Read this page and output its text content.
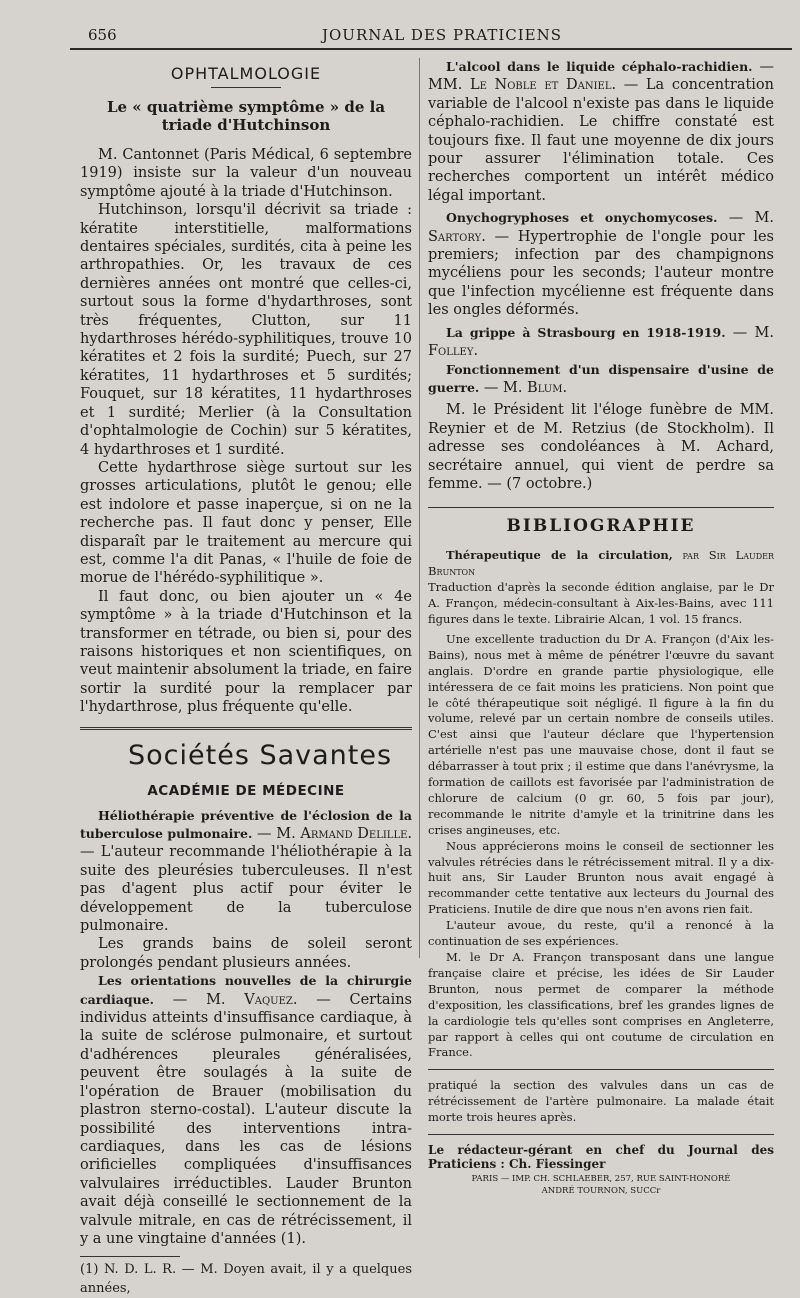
656	JOURNAL DES PRATICIENS
OPHTALMOLOGIE
Le « quatrième symptôme » de la triade d'Hutchinson

M. Cantonnet (Paris Médical, 6 septembre 1919) insiste sur la valeur d'un nouveau symptôme ajouté à la triade d'Hutchinson.

Hutchinson, lorsqu'il décrivit sa triade : kératite interstitielle, malformations dentaires spéciales, surdités, cita à peine les arthropathies. Or, les travaux de ces dernières années ont montré que celles-ci, surtout sous la forme d'hydarthroses, sont très fréquentes, Clutton, sur 11 hydarthroses hérédo-syphilitiques, trouve 10 kératites et 2 fois la surdité; Puech, sur 27 kératites, 11 hydarthroses et 5 surdités; Fouquet, sur 18 kératites, 11 hydarthroses et 1 surdité; Merlier (à la Consultation d'ophtalmologie de Cochin) sur 5 kératites, 4 hydarthroses et 1 surdité.

Cette hydarthrose siège surtout sur les grosses articulations, plutôt le genou; elle est indolore et passe inaperçue, si on ne la recherche pas. Il faut donc y penser, Elle disparaît par le traitement au mercure qui est, comme l'a dit Panas, « l'huile de foie de morue de l'hérédo-syphilitique ».

Il faut donc, ou bien ajouter un « 4e symptôme » à la triade d'Hutchinson et la transformer en tétrade, ou bien si, pour des raisons historiques et non scientifiques, on veut maintenir absolument la triade, en faire sortir la surdité pour la remplacer par l'hydarthrose, plus fréquente qu'elle.

Sociétés Savantes
ACADÉMIE DE MÉDECINE

Héliothérapie préventive de l'éclosion de la tuberculose pulmonaire. — M. Armand Delille. — L'auteur recommande l'héliothérapie à la suite des pleurésies tuberculeuses. Il n'est pas d'agent plus actif pour éviter le développement de la tuberculose pulmonaire.

Les grands bains de soleil seront prolongés pendant plusieurs années.

Les orientations nouvelles de la chirurgie cardiaque. — M. Vaquez. — Certains individus atteints d'insuffisance cardiaque, à la suite de sclérose pulmonaire, et surtout d'adhérences pleurales généralisées, peuvent être soulagés à la suite de l'opération de Brauer (mobilisation du plastron sterno-costal). L'auteur discute la possibilité des interventions intra-cardiaques, dans les cas de lésions orificielles compliquées d'insuffisances valvulaires irréductibles. Lauder Brunton avait déjà conseillé le sectionnement de la valvule mitrale, en cas de rétrécissement, il y a une vingtaine d'années (1).

(1) N. D. L. R. — M. Doyen avait, il y a quelques années,

L'alcool dans le liquide céphalo-rachidien. — MM. Le Noble et Daniel. — La concentration variable de l'alcool n'existe pas dans le liquide céphalo-rachidien. Le chiffre constaté est toujours fixe. Il faut une moyenne de dix jours pour assurer l'élimination totale. Ces recherches comportent un intérêt médico légal important.

Onychogryphoses et onychomycoses. — M. Sartory. — Hypertrophie de l'ongle pour les premiers; infection par des champignons mycéliens pour les seconds; l'auteur montre que l'infection mycélienne est fréquente dans les ongles déformés.

La grippe à Strasbourg en 1918-1919. — M. Folley.

Fonctionnement d'un dispensaire d'usine de guerre. — M. Blum.

M. le Président lit l'éloge funèbre de MM. Reynier et de M. Retzius (de Stockholm). Il adresse ses condoléances à M. Achard, secrétaire annuel, qui vient de perdre sa femme. — (7 octobre.)

BIBLIOGRAPHIE

Thérapeutique de la circulation, par Sir Lauder Brunton

Traduction d'après la seconde édition anglaise, par le Dr A. Françon, médecin-consultant à Aix-les-Bains, avec 111 figures dans le texte. Librairie Alcan, 1 vol. 15 francs.

Une excellente traduction du Dr A. Françon (d'Aix les-Bains), nous met à même de pénétrer l'œuvre du savant anglais. D'ordre en grande partie physiologique, elle intéressera de ce fait moins les praticiens. Non point que le côté thérapeutique soit négligé. Il figure à la fin du volume, relevé par un certain nombre de conseils utiles. C'est ainsi que l'auteur déclare que l'hypertension artérielle n'est pas une mauvaise chose, dont il faut se débarrasser à tout prix ; il estime que dans l'anévrysme, la formation de caillots est favorisée par l'administration de chlorure de calcium (0 gr. 60, 5 fois par jour), recommande le nitrite d'amyle et la trinitrine dans les crises angineuses, etc.

Nous apprécierons moins le conseil de sectionner les valvules rétrécies dans le rétrécissement mitral. Il y a dix-huit ans, Sir Lauder Brunton nous avait engagé à recommander cette tentative aux lecteurs du Journal des Praticiens. Inutile de dire que nous n'en avons rien fait.

L'auteur avoue, du reste, qu'il a renoncé à la continuation de ses expériences.

M. le Dr A. Françon transposant dans une langue française claire et précise, les idées de Sir Lauder Brunton, nous permet de comparer la méthode d'exposition, les classifications, bref les grandes lignes de la cardiologie tels qu'elles sont comprises en Angleterre, par rapport à celles qui ont coutume de circulation en France.

pratiqué la section des valvules dans un cas de rétrécissement de l'artère pulmonaire. La malade était morte trois heures après.

Le rédacteur-gérant en chef du Journal des Praticiens : Ch. Fiessinger

PARIS — IMP. CH. SCHLAEBER, 257, RUE SAINT-HONORÉ
ANDRÉ TOURNON, SUCCr
